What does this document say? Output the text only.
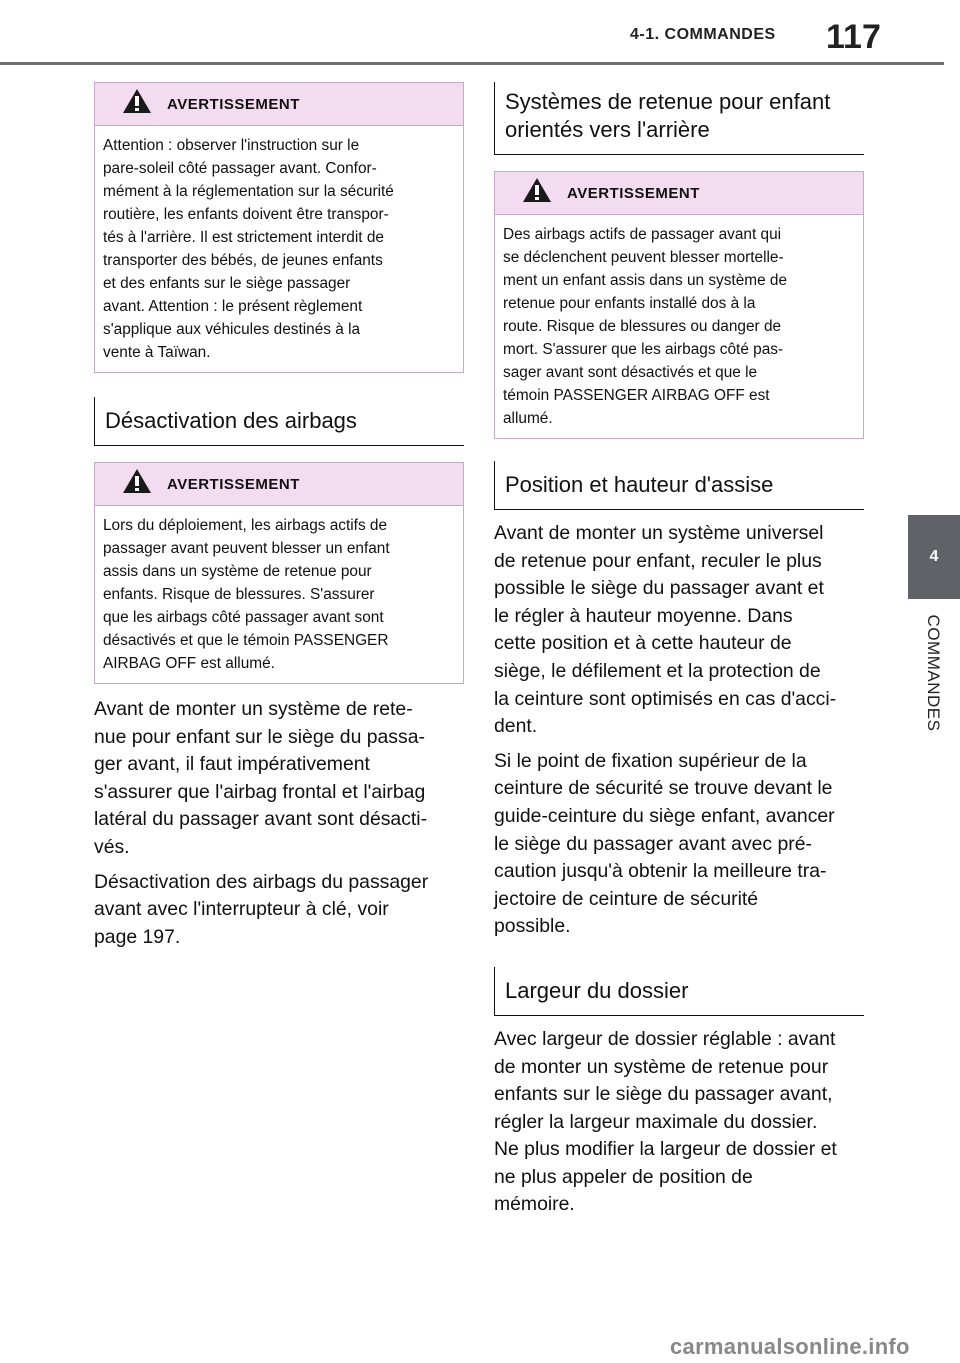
4-1. COMMANDES	117
4
COMMANDES
AVERTISSEMENT
Attention : observer l'instruction sur le
pare-soleil côté passager avant. Confor-
mément à la réglementation sur la sécurité
routière, les enfants doivent être transpor-
tés à l'arrière. Il est strictement interdit de
transporter des bébés, de jeunes enfants
et des enfants sur le siège passager
avant. Attention : le présent règlement
s'applique aux véhicules destinés à la
vente à Taïwan.
Désactivation des airbags
AVERTISSEMENT
Lors du déploiement, les airbags actifs de
passager avant peuvent blesser un enfant
assis dans un système de retenue pour
enfants. Risque de blessures. S'assurer
que les airbags côté passager avant sont
désactivés et que le témoin PASSENGER
AIRBAG OFF est allumé.
Avant de monter un système de rete-
nue pour enfant sur le siège du passa-
ger avant, il faut impérativement
s'assurer que l'airbag frontal et l'airbag
latéral du passager avant sont désacti-
vés.
Désactivation des airbags du passager
avant avec l'interrupteur à clé, voir
page 197.
Systèmes de retenue pour enfant
orientés vers l'arrière
AVERTISSEMENT
Des airbags actifs de passager avant qui
se déclenchent peuvent blesser mortelle-
ment un enfant assis dans un système de
retenue pour enfants installé dos à la
route. Risque de blessures ou danger de
mort. S'assurer que les airbags côté pas-
sager avant sont désactivés et que le
témoin PASSENGER AIRBAG OFF est
allumé.
Position et hauteur d'assise
Avant de monter un système universel
de retenue pour enfant, reculer le plus
possible le siège du passager avant et
le régler à hauteur moyenne. Dans
cette position et à cette hauteur de
siège, le défilement et la protection de
la ceinture sont optimisés en cas d'acci-
dent.
Si le point de fixation supérieur de la
ceinture de sécurité se trouve devant le
guide-ceinture du siège enfant, avancer
le siège du passager avant avec pré-
caution jusqu'à obtenir la meilleure tra-
jectoire de ceinture de sécurité
possible.
Largeur du dossier
Avec largeur de dossier réglable : avant
de monter un système de retenue pour
enfants sur le siège du passager avant,
régler la largeur maximale du dossier.
Ne plus modifier la largeur de dossier et
ne plus appeler de position de
mémoire.
carmanualsonline.info
